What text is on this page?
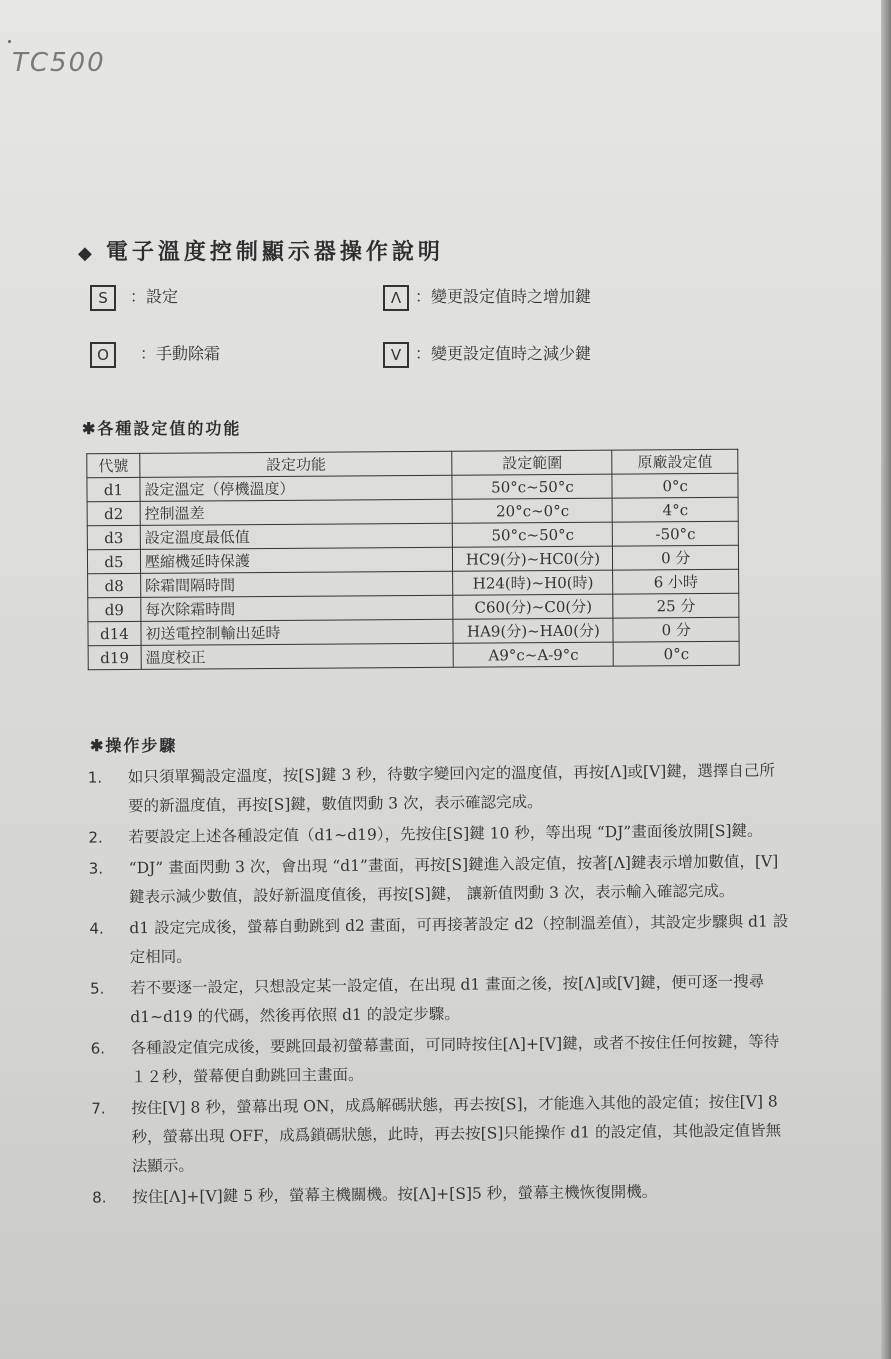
TC500
◆ 電子溫度控制顯示器操作說明
S ：設定	Λ ：變更設定值時之增加鍵
O ：手動除霜	V ：變更設定值時之減少鍵
✱各種設定值的功能
代號	設定功能	設定範圍	原廠設定值
d1	設定溫定（停機溫度）	50°c~50°c	0°c
d2	控制溫差	20°c~0°c	4°c
d3	設定溫度最低值	50°c~50°c	-50°c
d5	壓縮機延時保護	HC9(分)~HC0(分)	0 分
d8	除霜間隔時間	H24(時)~H0(時)	6 小時
d9	每次除霜時間	C60(分)~C0(分)	25 分
d14	初送電控制輸出延時	HA9(分)~HA0(分)	0 分
d19	溫度校正	A9°c~A-9°c	0°c
✱操作步驟
1.	如只須單獨設定溫度，按[S]鍵 3 秒，待數字變回內定的溫度值，再按[Λ]或[V]鍵，選擇自己所要的新溫度值，再按[S]鍵，數值閃動 3 次，表示確認完成。
2.	若要設定上述各種設定值（d1~d19），先按住[S]鍵 10 秒，等出現 “DJ”畫面後放開[S]鍵。
3.	“DJ” 畫面閃動 3 次，會出現 “d1”畫面，再按[S]鍵進入設定值，按著[Λ]鍵表示增加數值，[V]鍵表示減少數值，設好新溫度值後，再按[S]鍵， 讓新值閃動 3 次，表示輸入確認完成。
4.	d1 設定完成後，螢幕自動跳到 d2 畫面，可再接著設定 d2（控制溫差值），其設定步驟與 d1 設定相同。
5.	若不要逐一設定，只想設定某一設定值，在出現 d1 畫面之後，按[Λ]或[V]鍵，便可逐一搜尋 d1~d19 的代碼，然後再依照 d1 的設定步驟。
6.	各種設定值完成後，要跳回最初螢幕畫面，可同時按住[Λ]+[V]鍵，或者不按住任何按鍵，等待１２秒，螢幕便自動跳回主畫面。
7.	按住[V] 8 秒，螢幕出現 ON，成爲解碼狀態，再去按[S]，才能進入其他的設定值；按住[V] 8 秒，螢幕出現 OFF，成爲鎖碼狀態，此時，再去按[S]只能操作 d1 的設定值，其他設定值皆無法顯示。
8.	按住[Λ]+[V]鍵 5 秒，螢幕主機關機。按[Λ]+[S]5 秒，螢幕主機恢復開機。
